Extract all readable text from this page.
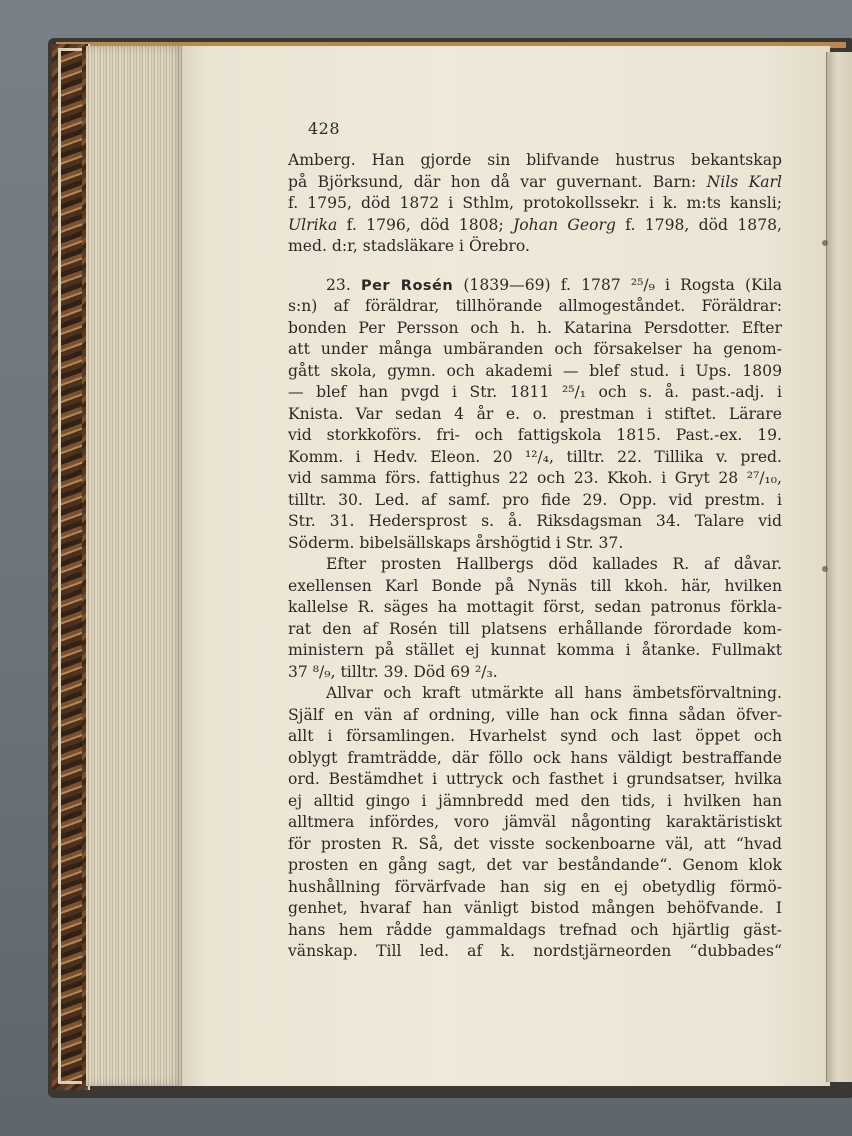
428
Amberg. Han gjorde sin blifvande hustrus bekantskap
på Björksund, där hon då var guvernant. Barn: Nils Karl
f. 1795, död 1872 i Sthlm, protokollssekr. i k. m:ts kansli;
Ulrika f. 1796, död 1808; Johan Georg f. 1798, död 1878,
med. d:r, stadsläkare i Örebro.
23. Per Rosén (1839—69) f. 1787 ²⁵/₉ i Rogsta (Kila
s:n) af föräldrar, tillhörande allmogeståndet. Föräldrar:
bonden Per Persson och h. h. Katarina Persdotter. Efter
att under många umbäranden och försakelser ha genom-
gått skola, gymn. och akademi — blef stud. i Ups. 1809
— blef han pvgd i Str. 1811 ²⁵/₁ och s. å. past.-adj. i
Knista. Var sedan 4 år e. o. prestman i stiftet. Lärare
vid storkkoförs. fri- och fattigskola 1815. Past.-ex. 19.
Komm. i Hedv. Eleon. 20 ¹²/₄, tilltr. 22. Tillika v. pred.
vid samma förs. fattighus 22 och 23. Kkoh. i Gryt 28 ²⁷/₁₀,
tilltr. 30. Led. af samf. pro fide 29. Opp. vid prestm. i
Str. 31. Hedersprost s. å. Riksdagsman 34. Talare vid
Söderm. bibelsällskaps årshögtid i Str. 37.
Efter prosten Hallbergs död kallades R. af dåvar.
exellensen Karl Bonde på Nynäs till kkoh. här, hvilken
kallelse R. säges ha mottagit först, sedan patronus förkla-
rat den af Rosén till platsens erhållande förordade kom-
ministern på stället ej kunnat komma i åtanke. Fullmakt
37 ⁸/₉, tilltr. 39. Död 69 ²/₃.
Allvar och kraft utmärkte all hans ämbetsförvaltning.
Själf en vän af ordning, ville han ock finna sådan öfver-
allt i församlingen. Hvarhelst synd och last öppet och
oblygt framträdde, där föllo ock hans väldigt bestraffande
ord. Bestämdhet i uttryck och fasthet i grundsatser, hvilka
ej alltid gingo i jämnbredd med den tids, i hvilken han
alltmera infördes, voro jämväl någonting karaktäristiskt
för prosten R. Så, det visste sockenboarne väl, att “hvad
prosten en gång sagt, det var beståndande“. Genom klok
hushållning förvärfvade han sig en ej obetydlig förmö-
genhet, hvaraf han vänligt bistod mången behöfvande. I
hans hem rådde gammaldags trefnad och hjärtlig gäst-
vänskap. Till led. af k. nordstjärneorden “dubbades“
